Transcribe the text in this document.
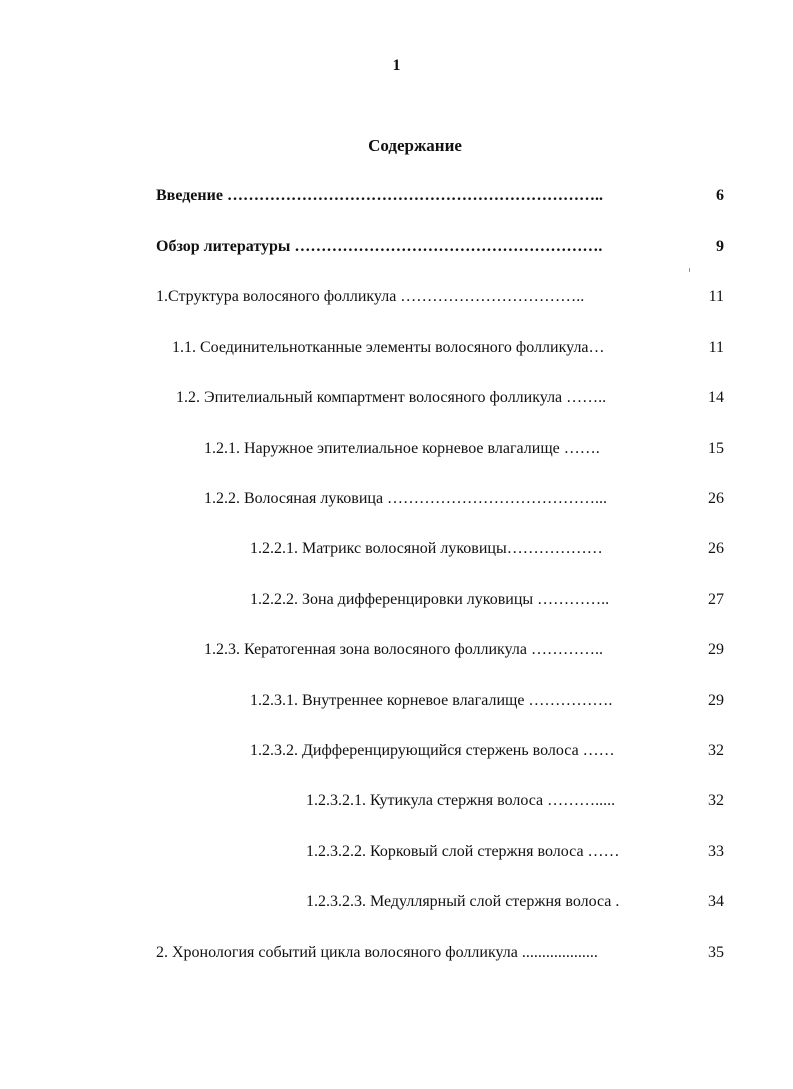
1
Содержание
Введение ……………………………………………………………..	6
Обзор литературы ………………………………………………….	9
1.Структура волосяного фолликула ……………………………..	11
1.1. Соединительнотканные элементы волосяного фолликула…	11
1.2. Эпителиальный компартмент волосяного фолликула ……..	14
1.2.1. Наружное эпителиальное корневое влагалище …….	15
1.2.2. Волосяная луковица …………………………………...	26
1.2.2.1. Матрикс волосяной луковицы………………	26
1.2.2.2. Зона дифференцировки луковицы …………..	27
1.2.3. Кератогенная зона волосяного фолликула …………..	29
1.2.3.1. Внутреннее корневое влагалище …………….	29
1.2.3.2. Дифференцирующийся стержень волоса ……	32
1.2.3.2.1. Кутикула стержня волоса ……….....	32
1.2.3.2.2. Корковый слой стержня волоса ……	33
1.2.3.2.3. Медуллярный слой стержня волоса .	34
2. Хронология событий цикла волосяного фолликула ...................	35
